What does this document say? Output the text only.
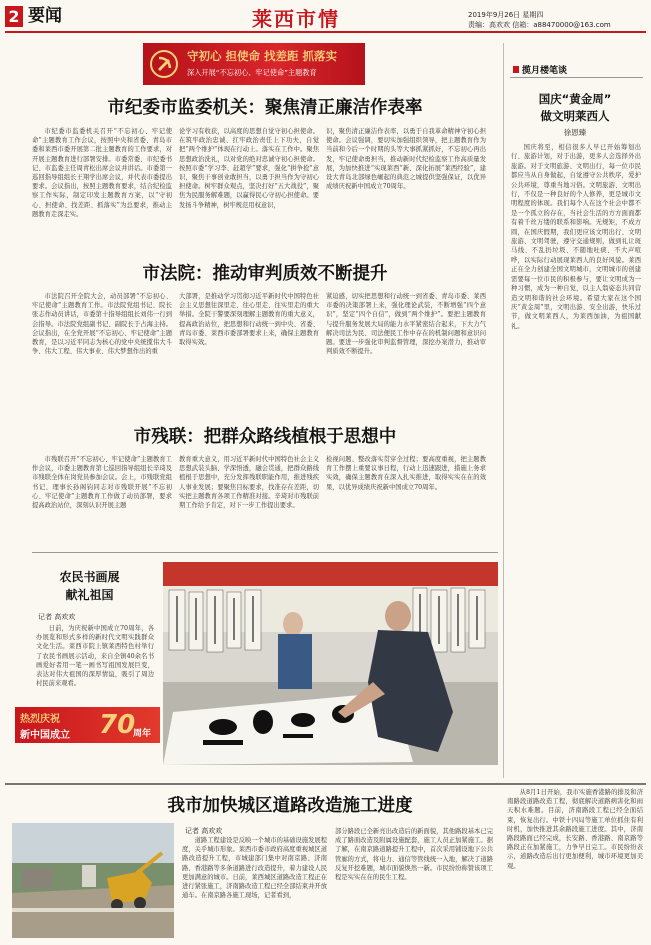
2 要闻	莱西市情	2019年9月26日 星期四
责编：高欢欢 信箱：a88470000@163.com
守初心 担使命 找差距 抓落实
深入开展“不忘初心、牢记使命”主题教育
市纪委市监委机关：聚焦清正廉洁作表率
市纪委市监委机关召开“不忘初心、牢记使命”主题教育工作会议，按照中央和省委、青岛市委和莱西市委开展第二批主题教育的工作要求，对开展主题教育进行部署安排。市委常委、市纪委书记、市监委主任周青松出席会议并讲话。市委第一巡回指导组组长王翔学出席会议，并代表市委提出要求。会议指出，按照主题教育要求，结合纪检监察工作实际，制定印发主题教育方案，以“守初心、担使命、找差距、抓落实”为总要求，推动主题教育走深走实。
论学习有收获，以高度的思想自觉守初心担使命。在筑牢政治忠诚、扛牢政治责任上下功夫，自觉把“两个维护”体现在行动上。落实在工作中。聚焦思想政治洗礼，以对党的绝对忠诚守初心担使命。按照市委“学习李、赶超学”要求，强化“拼争抢”意识，聚焦干事创业敢担当，以勇于担当作为守初心担使命。树牢群众观点，坚决打好“五大战役”，聚焦为民服务解难题，以赢得民心守初心担使命。要发扬斗争精神，树牢规范用权意识，
识，聚焦清正廉洁作表率，以勇于自我革命精神守初心担使命。会议强调，要切实加强组织领导，把主题教育作为当前和今后一个时期的头等大事抓紧抓好，不忘初心再出发，牢记使命勇担当，推动新时代纪检监察工作高质量发展，为加快推进“实现莱西“新、深化拓展“莱西经验”，建设大青岛北部绿色崛起的典范之城提供坚强保证，以优异成绩庆祝新中国成立70周年。
市法院：推动审判质效不断提升
市法院召开全院大会，动员部署“不忘初心、牢记使命”主题教育工作。市法院党组书记、院长张志作动员讲话，市委第十指导组组长刘伟一行到会指导。市法院党组副书记、副院长于占海主持。会议指出，在全党开展“不忘初心、牢记使命”主题教育，是以习近平同志为核心的党中央统揽伟大斗争、伟大工程、伟大事业、伟大梦想作出的重
大部署，是推动学习贯彻习近平新时代中国特色社会主义思想往深里走、往心里走、往实里走的重大举措。全院干警要深刻理解主题教育的重大意义，提高政治站位，把思想和行动统一到中央、省委、青岛市委、莱西市委部署要求上来，确保主题教育取得实效。
紧迫感，切实把思想和行动统一到省委、青岛市委、莱西市委的决策部署上来，强化理论武装，不断增强“四个意识”，坚定“四个自信”，做到“两个维护”。要把主题教育与提升服务发展大局的能力水平紧密结合起来，下大力气解决司法为民、司法便民工作中存在的机制问题和意识问题。要进一步强化审判监督管理，深挖办案潜力，推动审判质效不断提升。
市残联：把群众路线植根于思想中
市残联召开“不忘初心、牢记使命”主题教育工作会议，市委主题教育第七巡回指导组组长辛琦及市残联全体在岗党员参加会议。会上，市残联党组书记、理事长孙阁钧同志对市残联开展“不忘初心、牢记使命”主题教育工作做了动员部署，要求提高政治站位，深刻认识开展主题
教育重大意义，用习近平新时代中国特色社会主义思想武装头脑、学深悟透，融会贯通，把群众路线植根于思想中，充分发挥残联职能作用，推进残疾人事业发展；要聚焦目标要求，找准存在差距，切实把主题教育各项工作精准对接。辛琦对市残联前期工作给予肯定，对下一步工作提出要求。
检视问题、整改落实贯穿全过程；要高度重视，把主题教育工作摆上重要议事日程，行动上迅速跟进，措施上务求实效，确保主题教育在深入扎实推进，取得实实在在的效果，以优异成绩庆祝新中国成立70周年。
农民书画展
献礼祖国
记者 高欢欢
日前，为庆祝新中国成立70周年，各办展览和形式多样的新时代文明实践群众文化生活。莱西市院上镇莱西特色村举行了农民书画展示活动，来自全镇40余名书画爱好者用一笔一画书写祖国发展巨变，表达对伟大祖国的深厚情谊，吸引了周边村民前来观看。
热烈庆祝
新中国成立 70
周年
揽月楼笔谈
国庆“黄金周”
做文明莱西人
徐恩臻
国庆将至，相信很多人早已开始筹划出行、旅游计划，对于出游，更多人会选择外出旅游。对于文明旅游、文明出行，每一位市民都应当从自身做起，自觉遵守公共秩序，爱护公共环境，尊重当地习俗。文明旅游、文明出行，不仅是一种良好的个人修养，更是城市文明程度的体现。我们每个人在这个社会中都不是一个孤立的存在，当社会生活的方方面面都有着千丝万缕的联系和影响。无规矩，不成方圆，在国庆假期，我们更应该文明出行、文明旅游、文明驾驶，遵守交通规则，做到礼让斑马线、不乱扔垃圾、不随地吐痰、不大声喧哗，以实际行动展现莱西人的良好风貌。莱西正在全力创建全国文明城市，文明城市的创建需要每一位市民的积极参与，要让文明成为一种习惯，成为一种自觉，以主人翁姿态共同营造文明和谐的社会环境。希望大家在这个国庆“黄金周”里，文明出游、安全出游，快乐过节，做文明莱西人，为莱西加油，为祖国献礼。
我市加快城区道路改造施工进度
记者 高欢欢
道路工程建设是反映一个城市的基础设施发展程度，关乎城市形象。莱西市委市政府高度重视城区道路改造提升工程，市城建部门集中对南京路、济南路、香港路等多条道路进行改造提升，着力建设人民更加满意的城市。日前，莱西城区道路改造工程正在进行紧张施工，济南路改造工程已经全部结束并开放通车。在南京路各施工现场，记者看到，
部分路段已全新亮出改造后的新面貌，其他路段基本已完成了路面改造及附属设施配套，施工人员正加紧施工。据了解，在南京路道路提升工程中，首次采用铺设地下公共管廊的方式，将电力、通信等管线统一入地，解决了道路反复开挖难题，城市面貌焕然一新。市民纷纷称赞该项工程是实实在在的民生工程。
从8月1日开始，我市实施香港路的排及和济南路段道路改造工程，彻底解决道路病害化和雨天积水难题。目前，济南路段工程已经全面结束，恢复出行。中铁十四局等施工单位抓住有利时机，加快推进其余路段施工进度。其中，济南路段路面已经完成，长安路、香港路、南京路等路段正在加紧施工，力争早日完工。市民纷纷表示，道路改造后出行更加便利，城市环境更加美观。
